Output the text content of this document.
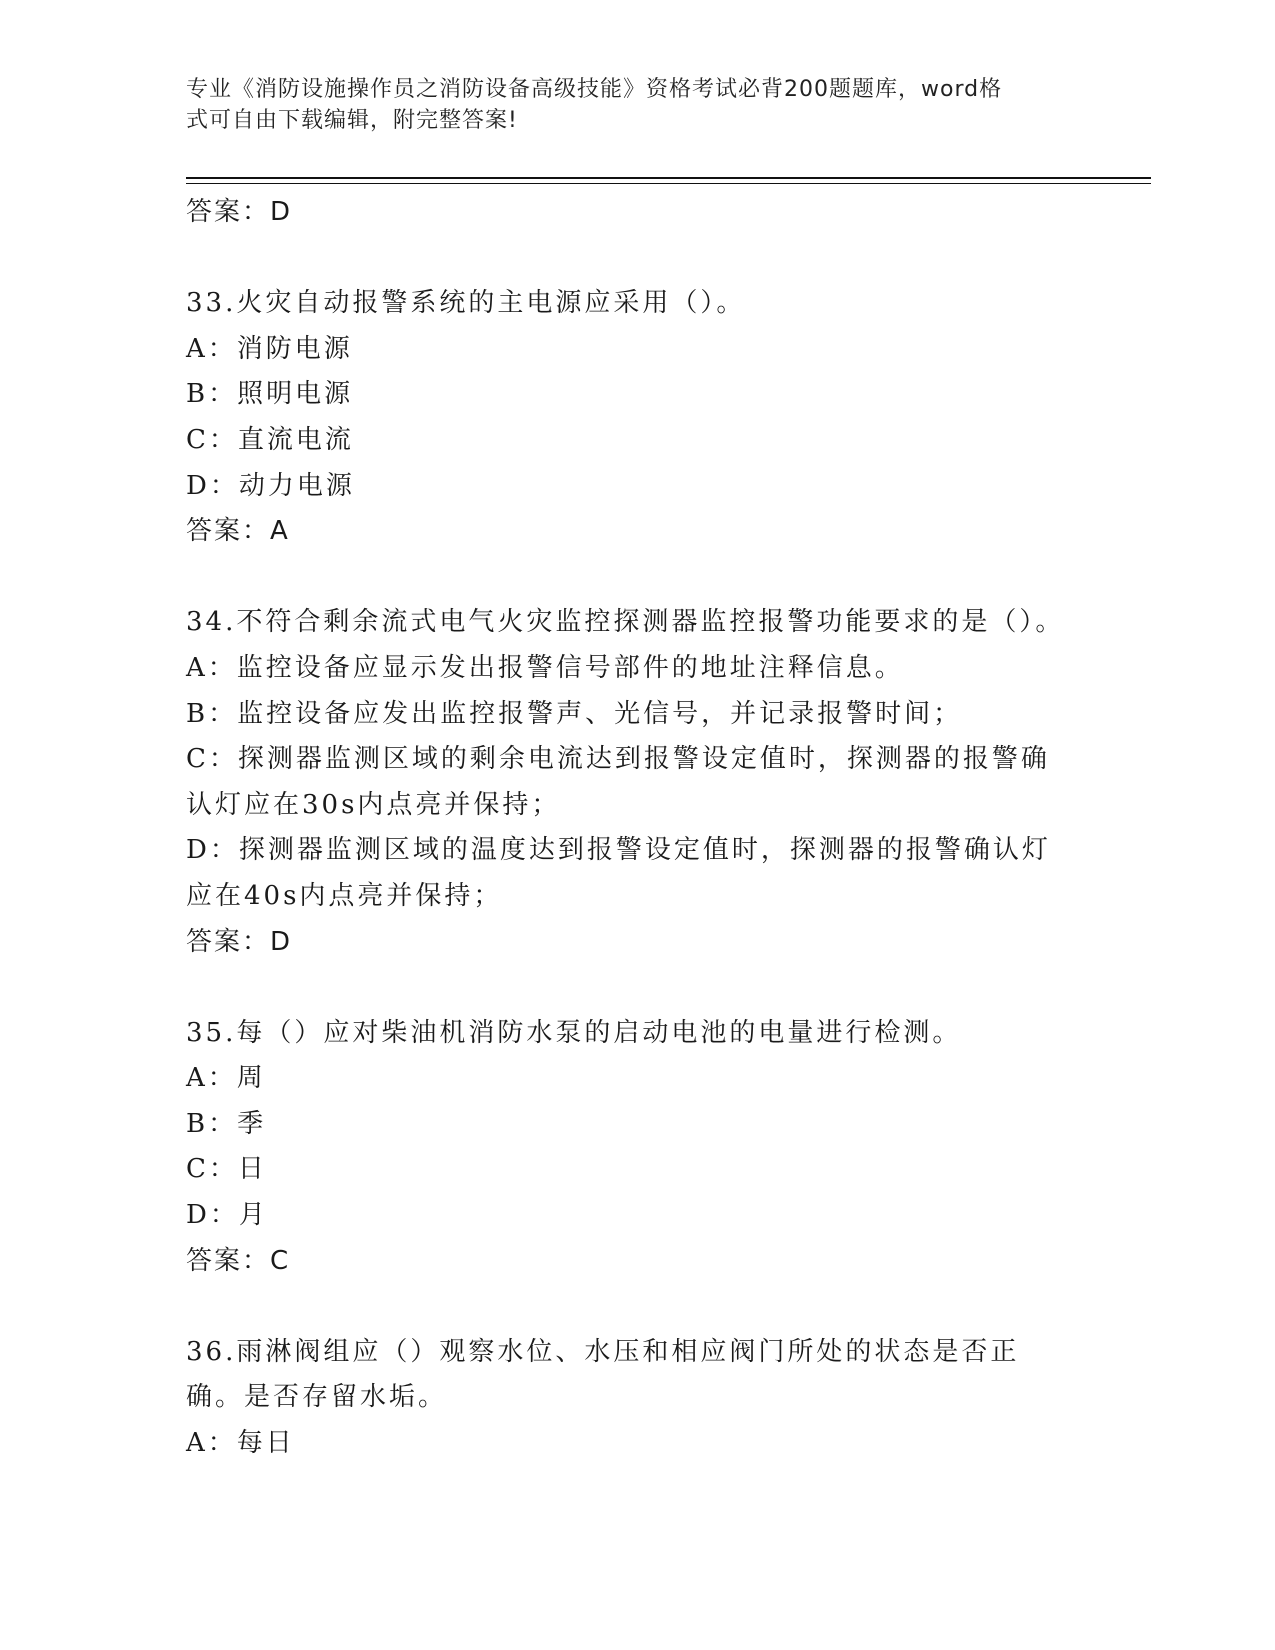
专业《消防设施操作员之消防设备高级技能》资格考试必背200题题库，word格
式可自由下载编辑，附完整答案!
答案：D
33.火灾自动报警系统的主电源应采用（）。
A：消防电源
B：照明电源
C：直流电流
D：动力电源
答案：A
34.不符合剩余流式电气火灾监控探测器监控报警功能要求的是（）。
A：监控设备应显示发出报警信号部件的地址注释信息。
B：监控设备应发出监控报警声、光信号，并记录报警时间；
C：探测器监测区域的剩余电流达到报警设定值时，探测器的报警确认灯应在30s内点亮并保持；
D：探测器监测区域的温度达到报警设定值时，探测器的报警确认灯应在40s内点亮并保持；
答案：D
35.每（）应对柴油机消防水泵的启动电池的电量进行检测。
A：周
B：季
C：日
D：月
答案：C
36.雨淋阀组应（）观察水位、水压和相应阀门所处的状态是否正确。是否存留水垢。
A：每日
